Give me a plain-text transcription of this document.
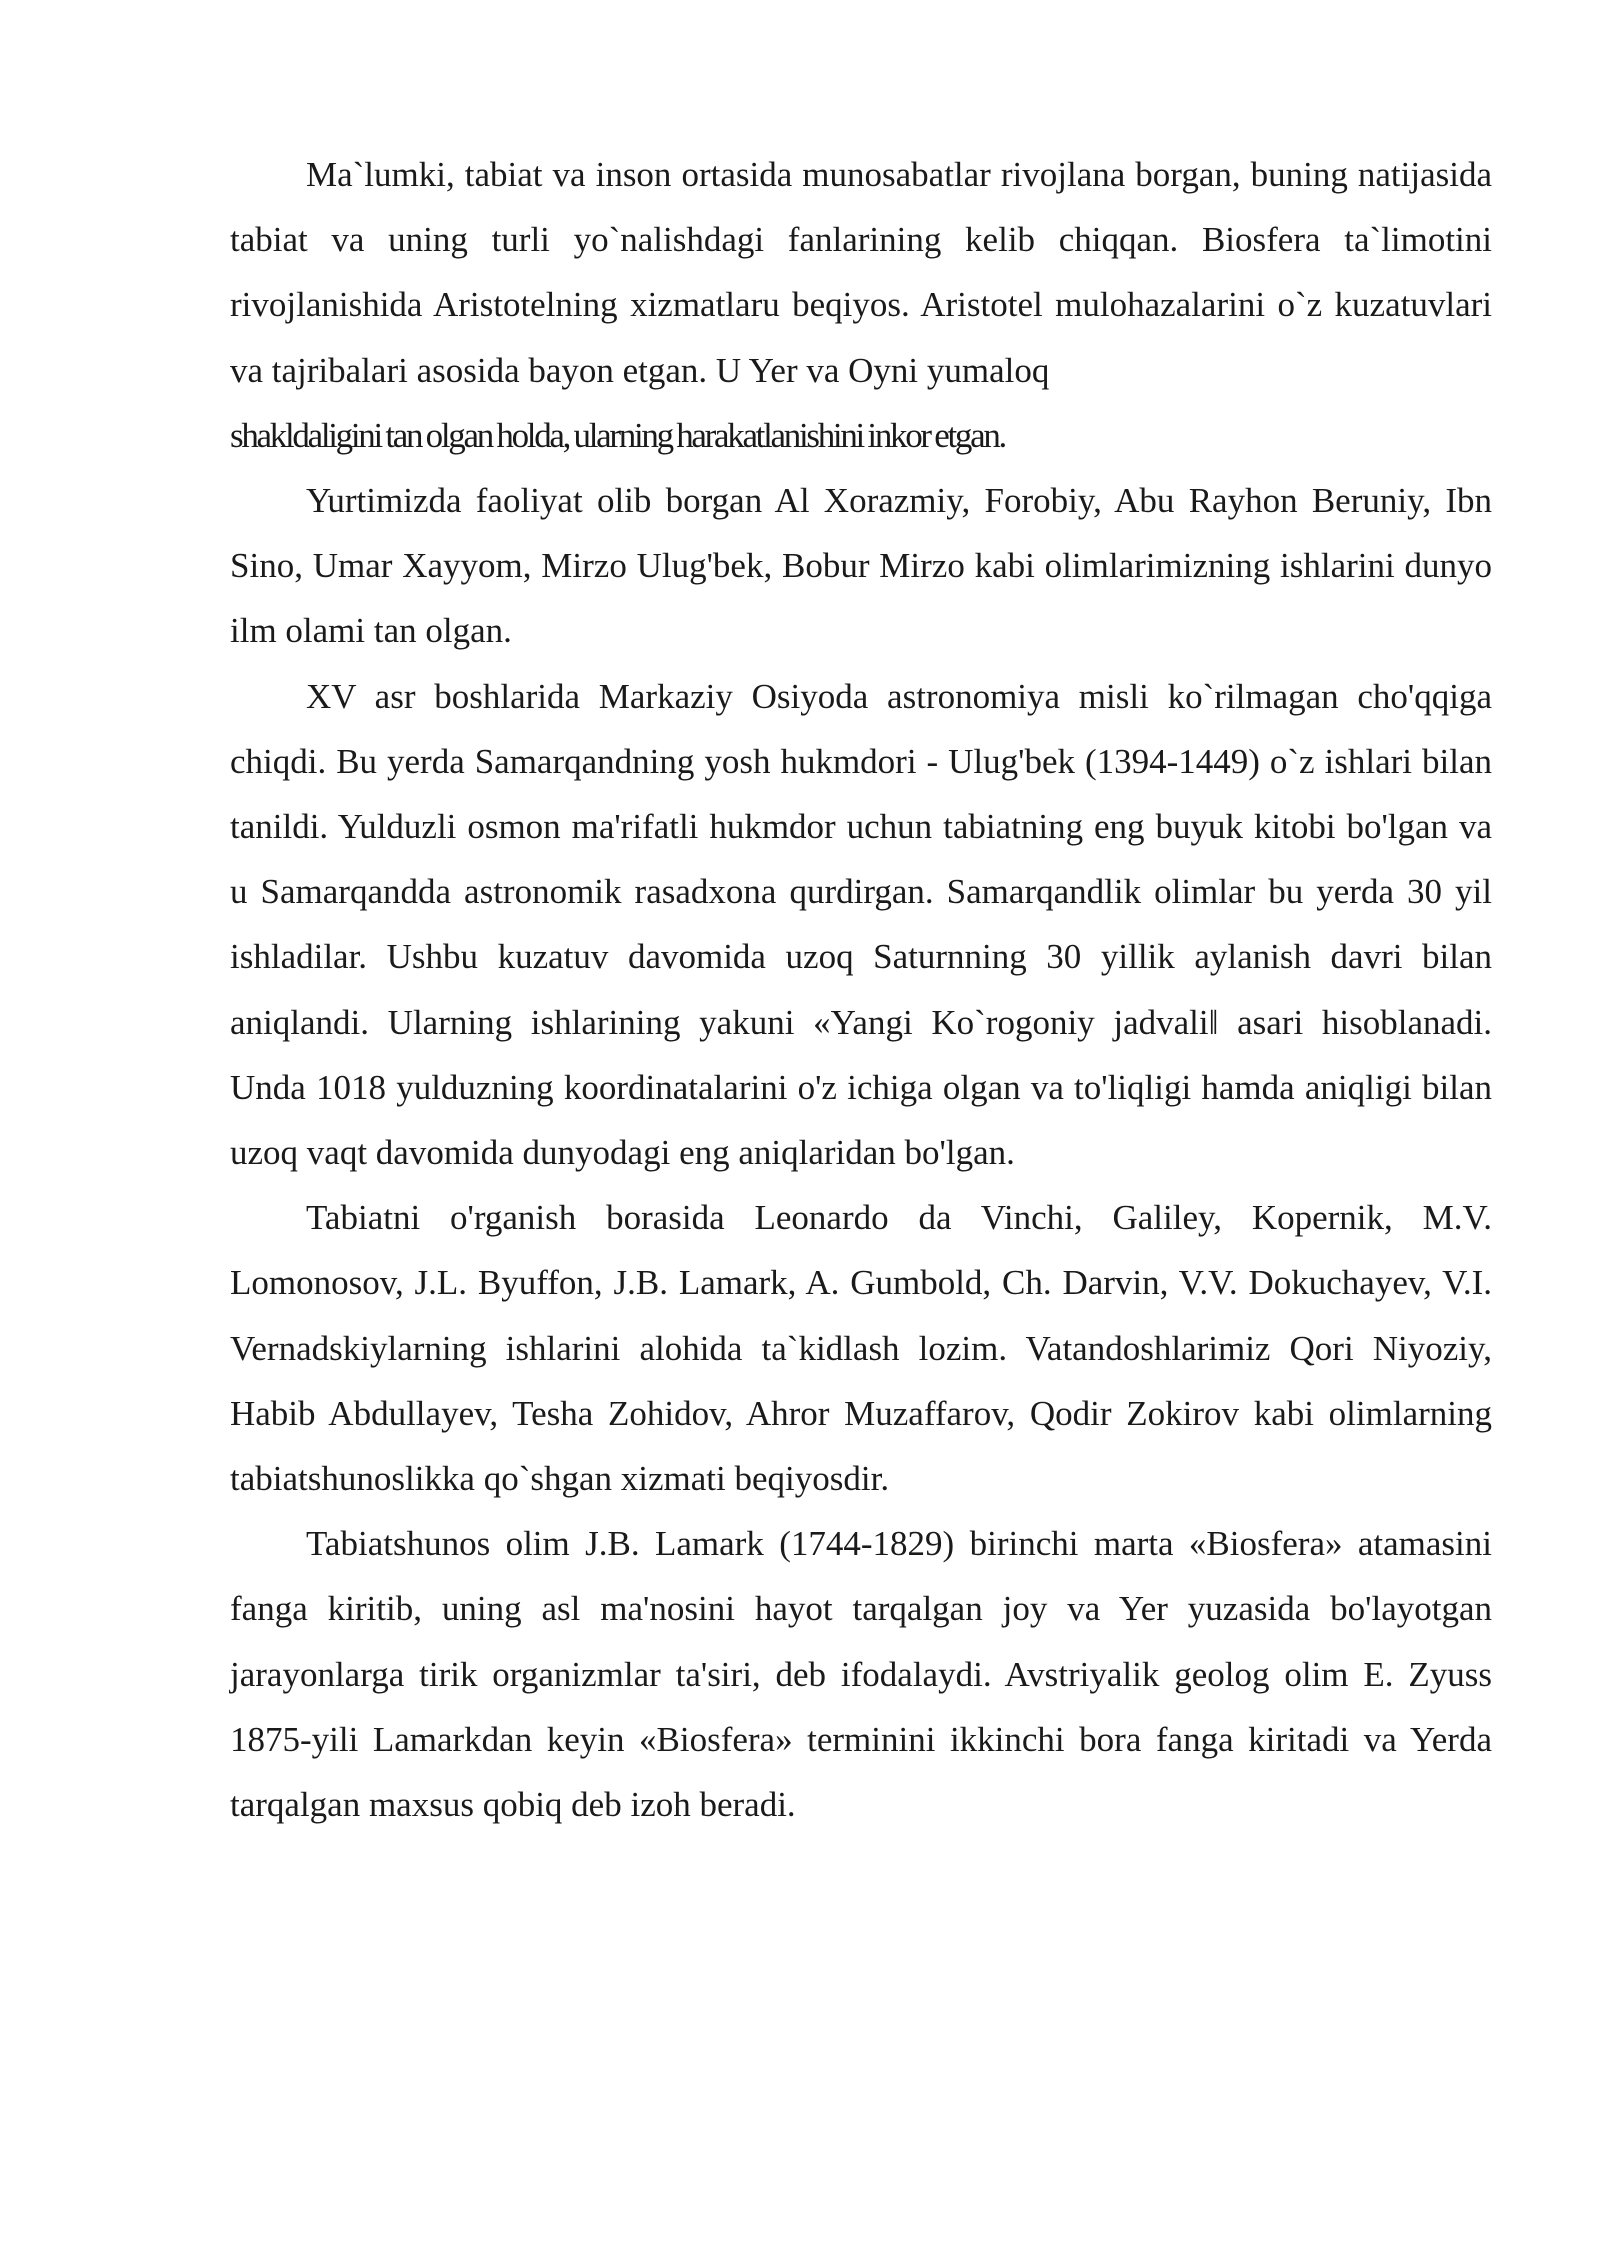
Ma`lumki, tabiat va inson ortasida munosabatlar rivojlana borgan, buning natijasida tabiat va uning turli yo`nalishdagi fanlarining kelib chiqqan. Biosfera ta`limotini rivojlanishida Aristotelning xizmatlaru beqiyos. Aristotel mulohazalarini o`z kuzatuvlari va tajribalari asosida bayon etgan. U Yer va Oyni yumaloq

shakldaligini tan olgan holda, ularning harakatlanishini inkor etgan.

Yurtimizda faoliyat olib borgan Al Xorazmiy, Forobiy, Abu Rayhon Beruniy, Ibn Sino, Umar Xayyom, Mirzo Ulug'bek, Bobur Mirzo kabi olimlarimizning ishlarini dunyo ilm olami tan olgan.

XV asr boshlarida Markaziy Osiyoda astronomiya misli ko`rilmagan cho'qqiga chiqdi. Bu yerda Samarqandning yosh hukmdori - Ulug'bek (1394-1449) o`z ishlari bilan tanildi. Yulduzli osmon ma'rifatli hukmdor uchun tabiatning eng buyuk kitobi bo'lgan va u Samarqandda astronomik rasadxona qurdirgan. Samarqandlik olimlar bu yerda 30 yil ishladilar. Ushbu kuzatuv davomida uzoq Saturnning 30 yillik aylanish davri bilan aniqlandi. Ularning ishlarining yakuni «Yangi Ko`rogoniy jadvali‖ asari hisoblanadi. Unda 1018 yulduzning koordinatalarini o'z ichiga olgan va to'liqligi hamda aniqligi bilan uzoq vaqt davomida dunyodagi eng aniqlaridan bo'lgan.

Tabiatni o'rganish borasida Leonardo da Vinchi, Galiley, Kopernik, M.V. Lomonosov, J.L. Byuffon, J.B. Lamark, A. Gumbold, Ch. Darvin, V.V. Dokuchayev, V.I. Vernadskiylarning ishlarini alohida ta`kidlash lozim. Vatandoshlarimiz Qori Niyoziy, Habib Abdullayev, Tesha Zohidov, Ahror Muzaffarov, Qodir Zokirov kabi olimlarning tabiatshunoslikka qo`shgan xizmati beqiyosdir.

Tabiatshunos olim J.B. Lamark (1744-1829) birinchi marta «Biosfera» atamasini fanga kiritib, uning asl ma'nosini hayot tarqalgan joy va Yer yuzasida bo'layotgan jarayonlarga tirik organizmlar ta'siri, deb ifodalaydi. Avstriyalik geolog olim E. Zyuss 1875-yili Lamarkdan keyin «Biosfera» terminini ikkinchi bora fanga kiritadi va Yerda tarqalgan maxsus qobiq deb izoh beradi.
